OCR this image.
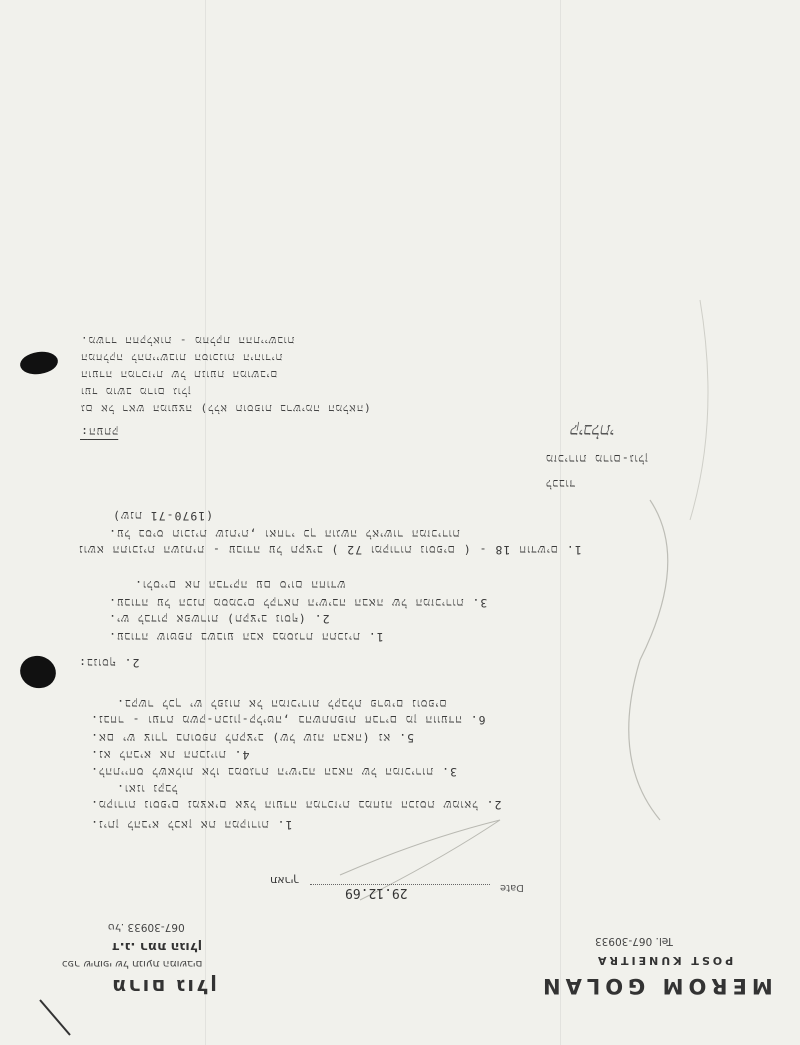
MEROM GOLAN
POST KUNEITRA
Tel. 067-30933
מרום גולן
כפר שיתופי של תנועת המושבים
ד.נ. רמת הגולן
טל. 067-30933
Date
29.12.69
תאריך
1. ניתן להביא לכאן את המקורות.
2. מקורות נוספים נמצאים אצל הועדה המרכזית במחנה הכנסת שמואל.
ואנו נקבל.
3. להתייחס לשאלות אלו במסגרת הישיבה הבאה של המזכירות.
4. נא להביא את התכניות.
5. אם יש צורך בתוספת לתקציב (של שנה הבאה) נא.
6. נבחר - ועדת משק-תכנון-קליטה, בהשתתפות חברים מן הוועדה.
בקשר לכך יש לפנות אל המזכירות לקבלת פרטים נוספים.
2. בנוסף:
1. עבודה שוטפת בשבוע הבא במסגרת התכנית.
2. יש לבדוק אפשרות (תקציב נוסף).
3. עבודה על הכנת מסמכים לקראת הישיבה הבאה של המזכירות.
ולסיים את הבדיקה עם סיום החודש.
1. נושא התוכנית השנתית - עבודה על תקציב ( 72 ומקורות נוספים ) - 18 חודשים
על בסיס תוכנית שנתית, ואחרי כך הוגשה לאישור המזכירות.
(1970-71 שנת)
לכבוד
מזכירות מרום-גולן
קיבלתי
העתק:
גם אל ראש המועצה (ללא תוספות ברשימה המלאה)
ועד מושב מרום גולן
הועדה המרכזית של תנועת המושבים
המחלקה להתיישבות הסוכנות היהודית
משרד החקלאות - מחלקת ההתיישבות.
